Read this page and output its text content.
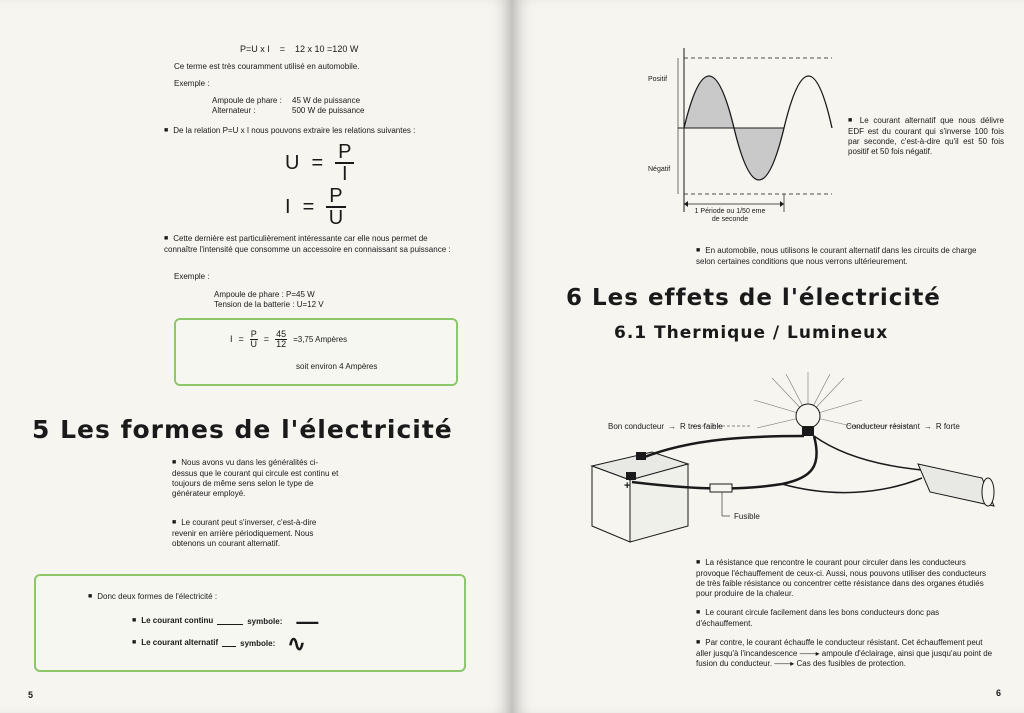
P=U x I = 12 x 10 =120 W
Ce terme est très couramment utilisé en automobile.
Exemple :
Ampoule de phare : 45 W de puissance
Alternateur :	500 W de puissance
■ De la relation P=U x I nous pouvons extraire les relations suivantes :
$U = \frac{P}{I}$
$I = \frac{P}{U}$
■ Cette dernière est particulièrement intéressante car elle nous permet de connaître l'intensité que consomme un accessoire en connaissant sa puissance :
Exemple :
Ampoule de phare : P=45 W
Tension de la batterie : U=12 V
$I = \frac{P}{U} = \frac{45}{12} =3,75$ Ampères
soit environ 4 Ampères
5 Les formes de l'électricité
■ Nous avons vu dans les généralités ci-dessus que le courant qui circule est continu et toujours de même sens selon le type de générateur employé.
■ Le courant peut s'inverser, c'est-à-dire revenir en arrière périodiquement. Nous obtenons un courant alternatif.
■ Donc deux formes de l'électricité :
■ Le courant continu	symbole: —
■ Le courant alternatif	symbole: ∿
5
Positif
Négatif
1 Période ou 1/50 eme
de seconde
■ Le courant alternatif que nous délivre EDF est du courant qui s'inverse 100 fois par seconde, c'est-à-dire qu'il est 50 fois positif et 50 fois négatif.
■ En automobile, nous utilisons le courant alternatif dans les circuits de charge selon certaines conditions que nous verrons ultérieurement.
6 Les effets de l'électricité
6.1 Thermique / Lumineux
Bon conducteur → R tres faible	Conducteur résistant → R forte
Fusible
+
■ La résistance que rencontre le courant pour circuler dans les conducteurs provoque l'échauffement de ceux-ci. Aussi, nous pouvons utiliser des conducteurs de très faible résistance ou concentrer cette résistance dans des organes étudiés pour produire de la chaleur.
■ Le courant circule facilement dans les bons conducteurs donc pas d'échauffement.
■ Par contre, le courant échauffe le conducteur résistant. Cet échauffement peut aller jusqu'à l'incandescence ——▸ ampoule d'éclairage, ainsi que jusqu'au point de fusion du conducteur. ——▸ Cas des fusibles de protection.
6
